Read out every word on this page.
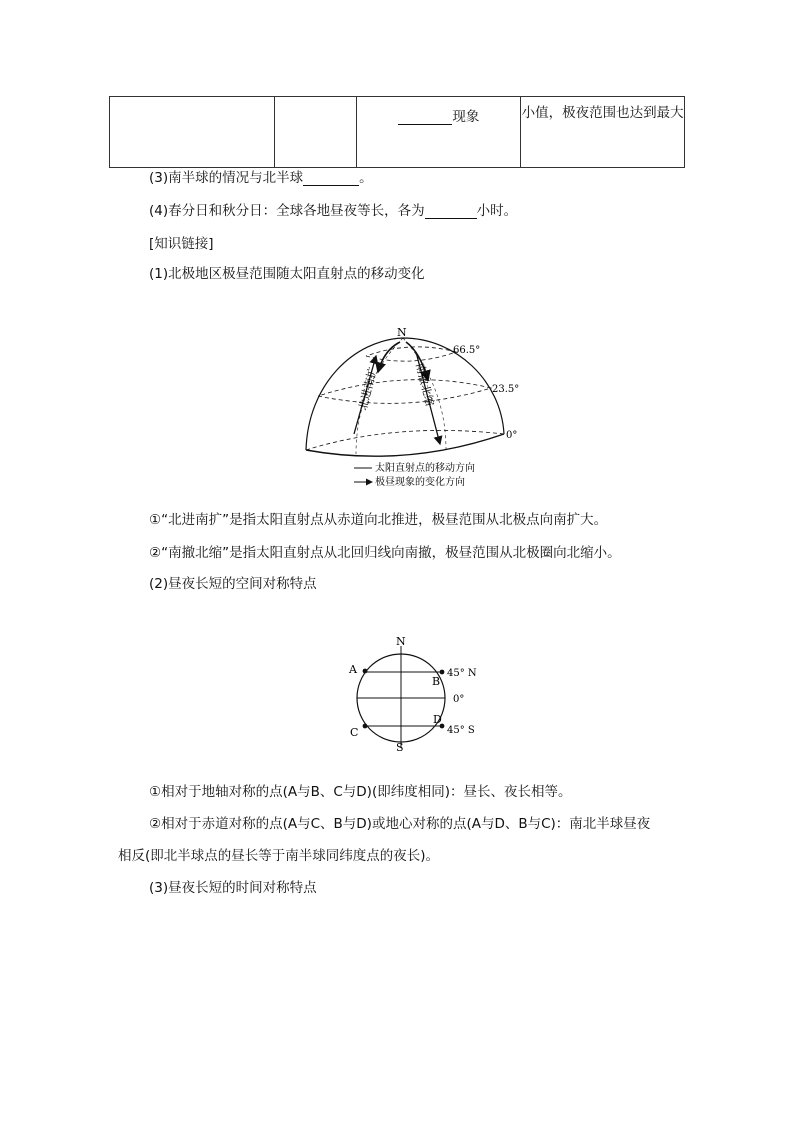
		现象	小值，极夜范围也达到最大
(3)南半球的情况与北半球	。
(4)春分日和秋分日：全球各地昼夜等长，各为	小时。
[知识链接]
(1)北极地区极昼范围随太阳直射点的移动变化
N
66.5°
23.5°
0°
北进南扩	南撤北缩
太阳直射点的移动方向
极昼现象的变化方向
①“北进南扩”是指太阳直射点从赤道向北推进，极昼范围从北极点向南扩大。
②“南撤北缩”是指太阳直射点从北回归线向南撤，极昼范围从北极圈向北缩小。
(2)昼夜长短的空间对称特点
N
S
A
B
C
D
45° N
0°
45° S
①相对于地轴对称的点(A与B、C与D)(即纬度相同)：昼长、夜长相等。
②相对于赤道对称的点(A与C、B与D)或地心对称的点(A与D、B与C)：南北半球昼夜
相反(即北半球点的昼长等于南半球同纬度点的夜长)。
(3)昼夜长短的时间对称特点
